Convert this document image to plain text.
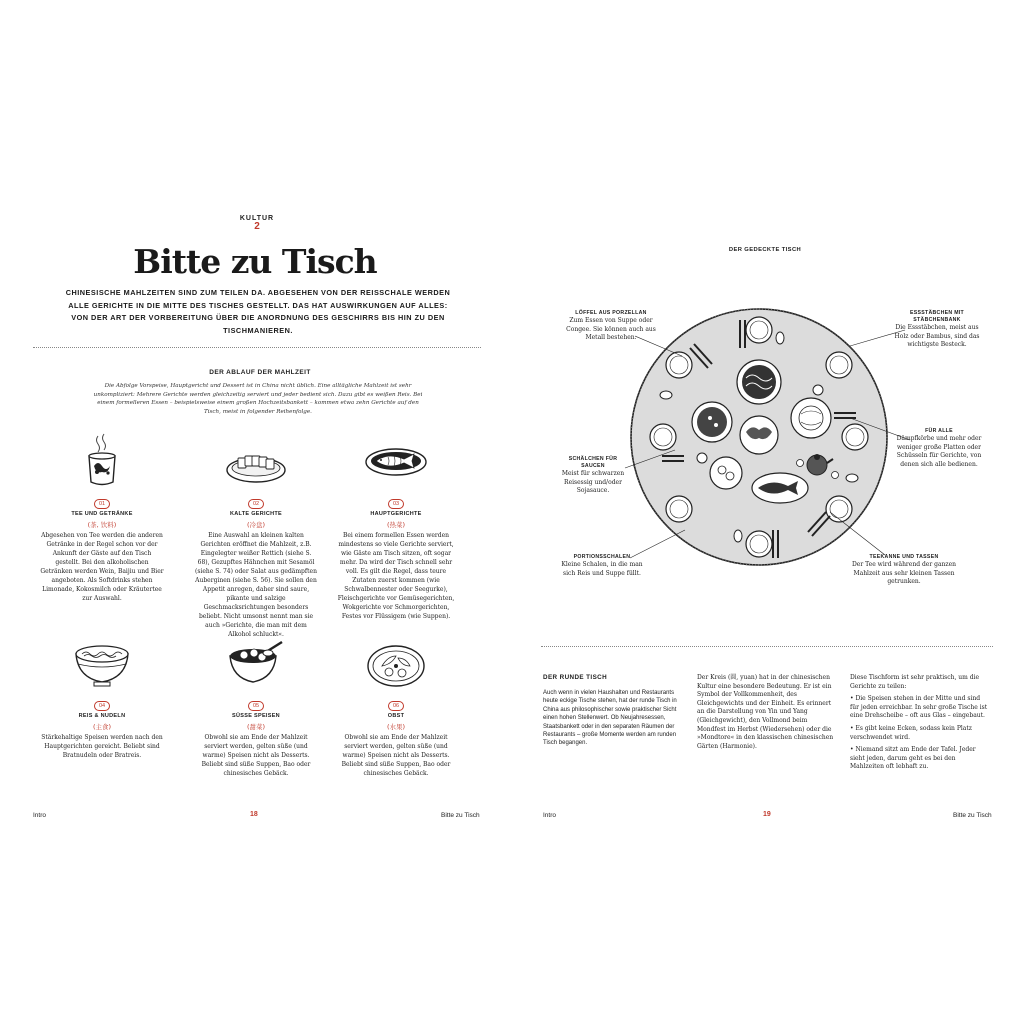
KULTUR
2
Bitte zu Tisch
CHINESISCHE MAHLZEITEN SIND ZUM TEILEN DA. ABGESEHEN VON DER REISSCHALE WERDEN ALLE GERICHTE IN DIE MITTE DES TISCHES GESTELLT. DAS HAT AUSWIRKUNGEN AUF ALLES: VON DER ART DER VORBEREITUNG ÜBER DIE ANORDNUNG DES GESCHIRRS BIS HIN ZU DEN TISCHMANIEREN.
DER ABLAUF DER MAHLZEIT
Die Abfolge Vorspeise, Hauptgericht und Dessert ist in China nicht üblich. Eine alltägliche Mahlzeit ist sehr unkompliziert: Mehrere Gerichte werden gleichzeitig serviert und jeder bedient sich. Dazu gibt es weißen Reis. Bei einem formelleren Essen – beispielsweise einem großen Hochzeitsbankett – kommen etwa zehn Gerichte auf den Tisch, meist in folgender Reihenfolge.
01
TEE UND GETRÄNKE
(茶, 饮料)
Abgesehen von Tee werden die anderen Getränke in der Regel schon vor der Ankunft der Gäste auf den Tisch gestellt. Bei den alkoholischen Getränken werden Wein, Baijiu und Bier angeboten. Als Softdrinks stehen Limonade, Kokosmilch oder Kräutertee zur Auswahl.
02
KALTE GERICHTE
(冷盘)
Eine Auswahl an kleinen kalten Gerichten eröffnet die Mahlzeit, z.B. Eingelegter weißer Rettich (siehe S. 68), Gezupftes Hähnchen mit Sesamöl (siehe S. 74) oder Salat aus gedämpften Auberginen (siehe S. 56). Sie sollen den Appetit anregen, daher sind saure, pikante und salzige Geschmacksrichtungen besonders beliebt. Nicht umsonst nennt man sie auch »Gerichte, die man mit dem Alkohol schluckt«.
03
HAUPTGERICHTE
(热菜)
Bei einem formellen Essen werden mindestens so viele Gerichte serviert, wie Gäste am Tisch sitzen, oft sogar mehr. Da wird der Tisch schnell sehr voll. Es gilt die Regel, dass teure Zutaten zuerst kommen (wie Schwalbennester oder Seegurke), Fleischgerichte vor Gemüsegerichten, Wokgerichte vor Schmorgerichten, Festes vor Flüssigem (wie Suppen).
04
REIS & NUDELN
(主食)
Stärkehaltige Speisen werden nach den Hauptgerichten gereicht. Beliebt sind Bratnudeln oder Bratreis.
05
SÜSSE SPEISEN
(甜菜)
Obwohl sie am Ende der Mahlzeit serviert werden, gelten süße (und warme) Speisen nicht als Desserts. Beliebt sind süße Suppen, Bao oder chinesisches Gebäck.
06
OBST
(水果)
Obwohl sie am Ende der Mahlzeit serviert werden, gelten süße (und warme) Speisen nicht als Desserts. Beliebt sind süße Suppen, Bao oder chinesisches Gebäck.
Intro	18	Bitte zu Tisch
DER GEDECKTE TISCH
LÖFFEL AUS PORZELLAN
Zum Essen von Suppe oder Congee. Sie können auch aus Metall bestehen.
ESSSTÄBCHEN MIT STÄBCHENBANK
Die Essstäbchen, meist aus Holz oder Bambus, sind das wichtigste Besteck.
FÜR ALLE
Dämpfkörbe und mehr oder weniger große Platten oder Schüsseln für Gerichte, von denen sich alle bedienen.
SCHÄLCHEN FÜR SAUCEN
Meist für schwarzen Reisessig und/oder Sojasauce.
PORTIONSSCHALEN
Kleine Schalen, in die man sich Reis und Suppe füllt.
TEEKANNE UND TASSEN
Der Tee wird während der ganzen Mahlzeit aus sehr kleinen Tassen getrunken.
DER RUNDE TISCH
Auch wenn in vielen Haushalten und Restaurants heute eckige Tische stehen, hat der runde Tisch in China aus philosophischer sowie praktischer Sicht einen hohen Stellenwert. Ob Neujahresessen, Staatsbankett oder in den separaten Räumen der Restaurants – große Momente werden am runden Tisch begangen.
Der Kreis (圆, yuan) hat in der chinesischen Kultur eine besondere Bedeutung. Er ist ein Symbol der Vollkommenheit, des Gleichgewichts und der Einheit. Es erinnert an die Darstellung von Yin und Yang (Gleichgewicht), den Vollmond beim Mondfest im Herbst (Wiedersehen) oder die »Mondtore« in den klassischen chinesischen Gärten (Harmonie).

Diese Tischform ist sehr praktisch, um die Gerichte zu teilen:

• Die Speisen stehen in der Mitte und sind für jeden erreichbar. In sehr große Tische ist eine Drehscheibe – oft aus Glas – eingebaut.
• Es gibt keine Ecken, sodass kein Platz verschwendet wird.
• Niemand sitzt am Ende der Tafel. Jeder sieht jeden, darum geht es bei den Mahlzeiten oft lebhaft zu.
Intro	19	Bitte zu Tisch
